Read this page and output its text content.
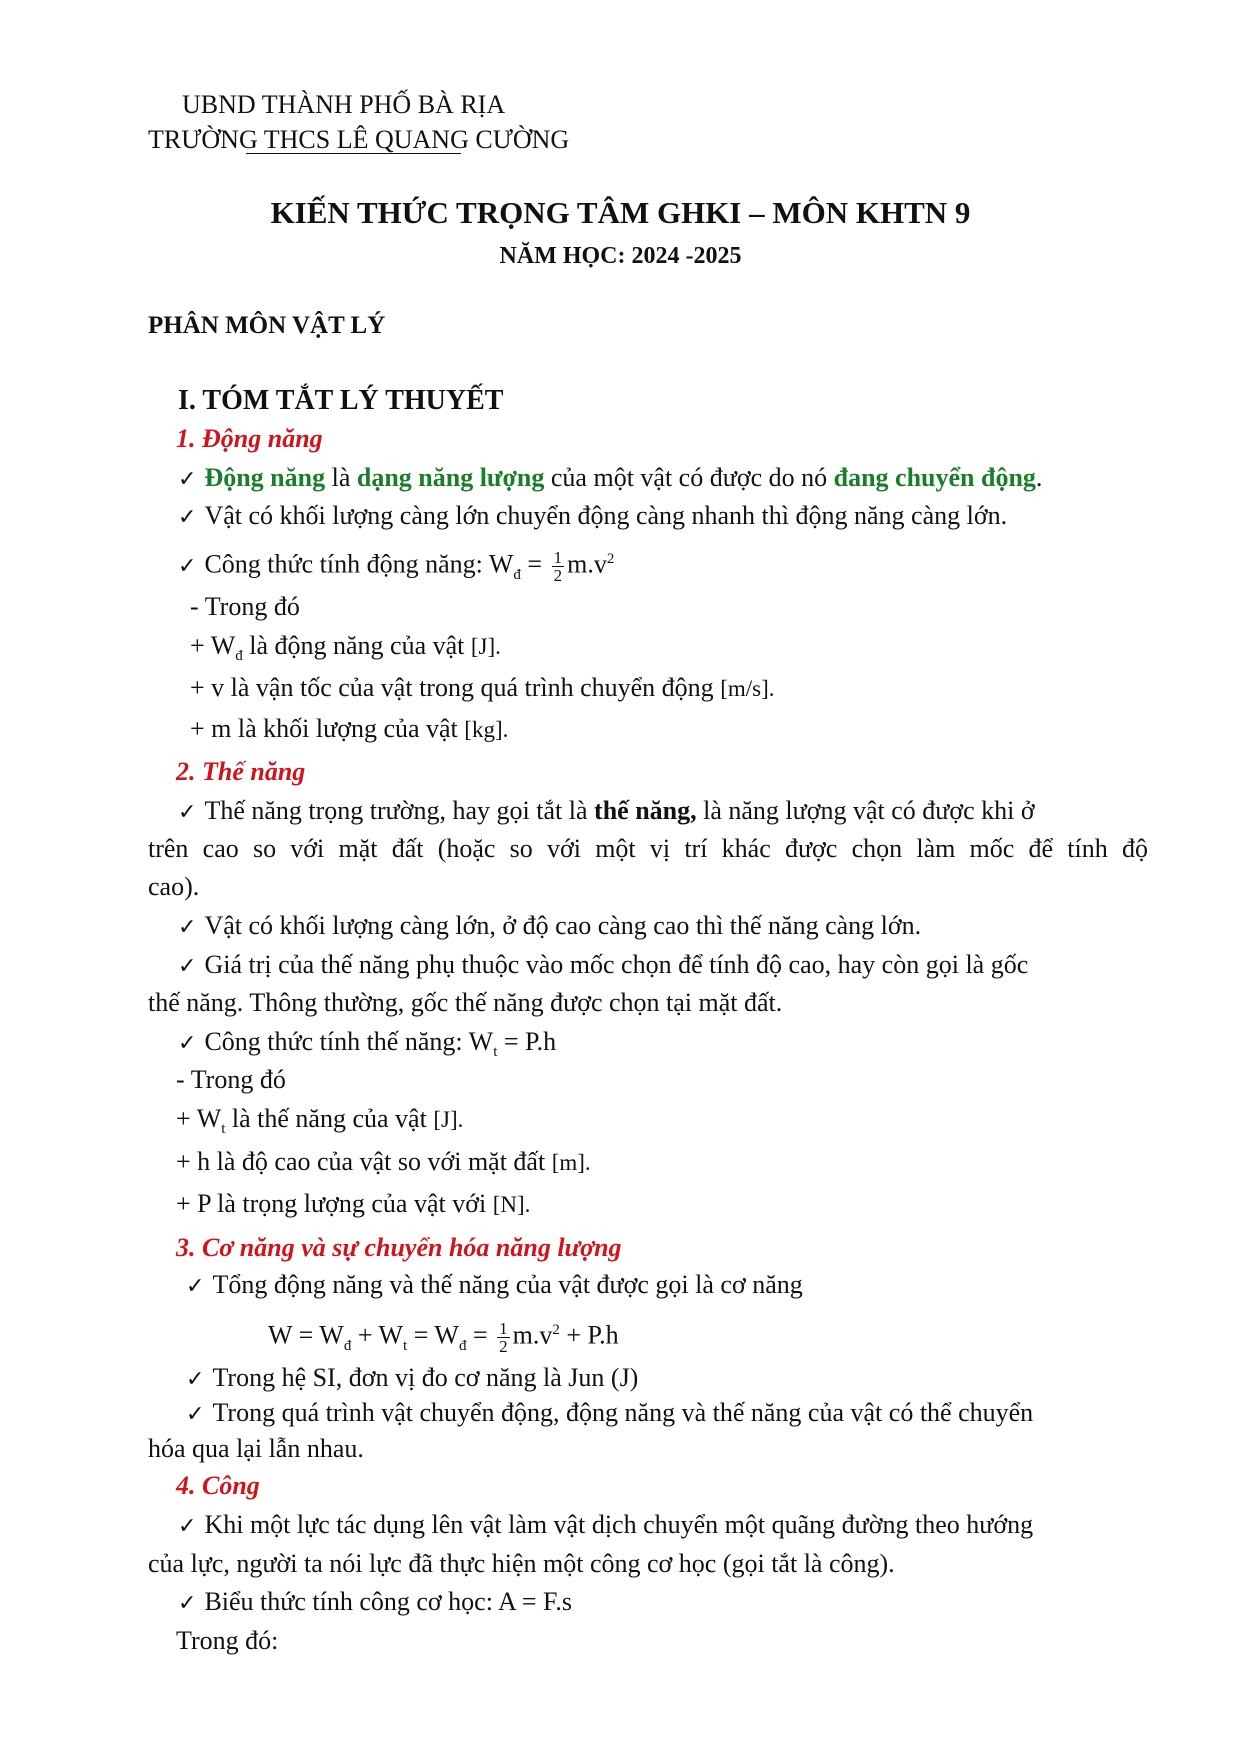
UBND THÀNH PHỐ BÀ RỊA
TRƯỜNG THCS LÊ QUANG CƯỜNG
KIẾN THỨC TRỌNG TÂM GHKI – MÔN KHTN 9
NĂM HỌC: 2024 -2025
PHÂN MÔN VẬT LÝ
I. TÓM TẮT LÝ THUYẾT
1. Động năng
✓ Động năng là dạng năng lượng của một vật có được do nó đang chuyển động.
✓ Vật có khối lượng càng lớn chuyển động càng nhanh thì động năng càng lớn.
✓ Công thức tính động năng: $W_đ = \frac{1}{2} m.v^2$
- Trong đó
+ $W_đ$ là động năng của vật [J].
+ v là vận tốc của vật trong quá trình chuyển động [m/s].
+ m là khối lượng của vật [kg].
2. Thế năng
✓ Thế năng trọng trường, hay gọi tắt là thế năng, là năng lượng vật có được khi ở
trên cao so với mặt đất (hoặc so với một vị trí khác được chọn làm mốc để tính độ
cao).
✓ Vật có khối lượng càng lớn, ở độ cao càng cao thì thế năng càng lớn.
✓ Giá trị của thế năng phụ thuộc vào mốc chọn để tính độ cao, hay còn gọi là gốc
thế năng. Thông thường, gốc thế năng được chọn tại mặt đất.
✓ Công thức tính thế năng: $W_t = P.h$
- Trong đó
+ $W_t$ là thế năng của vật [J].
+ h là độ cao của vật so với mặt đất [m].
+ P là trọng lượng của vật với [N].
3. Cơ năng và sự chuyển hóa năng lượng
✓ Tổng động năng và thế năng của vật được gọi là cơ năng
$W = W_đ + W_t = W_đ = \frac{1}{2} m.v^2 + P.h$
✓ Trong hệ SI, đơn vị đo cơ năng là Jun (J)
✓ Trong quá trình vật chuyển động, động năng và thế năng của vật có thể chuyển
hóa qua lại lẫn nhau.
4. Công
✓ Khi một lực tác dụng lên vật làm vật dịch chuyển một quãng đường theo hướng
của lực, người ta nói lực đã thực hiện một công cơ học (gọi tắt là công).
✓ Biểu thức tính công cơ học: A = F.s
Trong đó:
